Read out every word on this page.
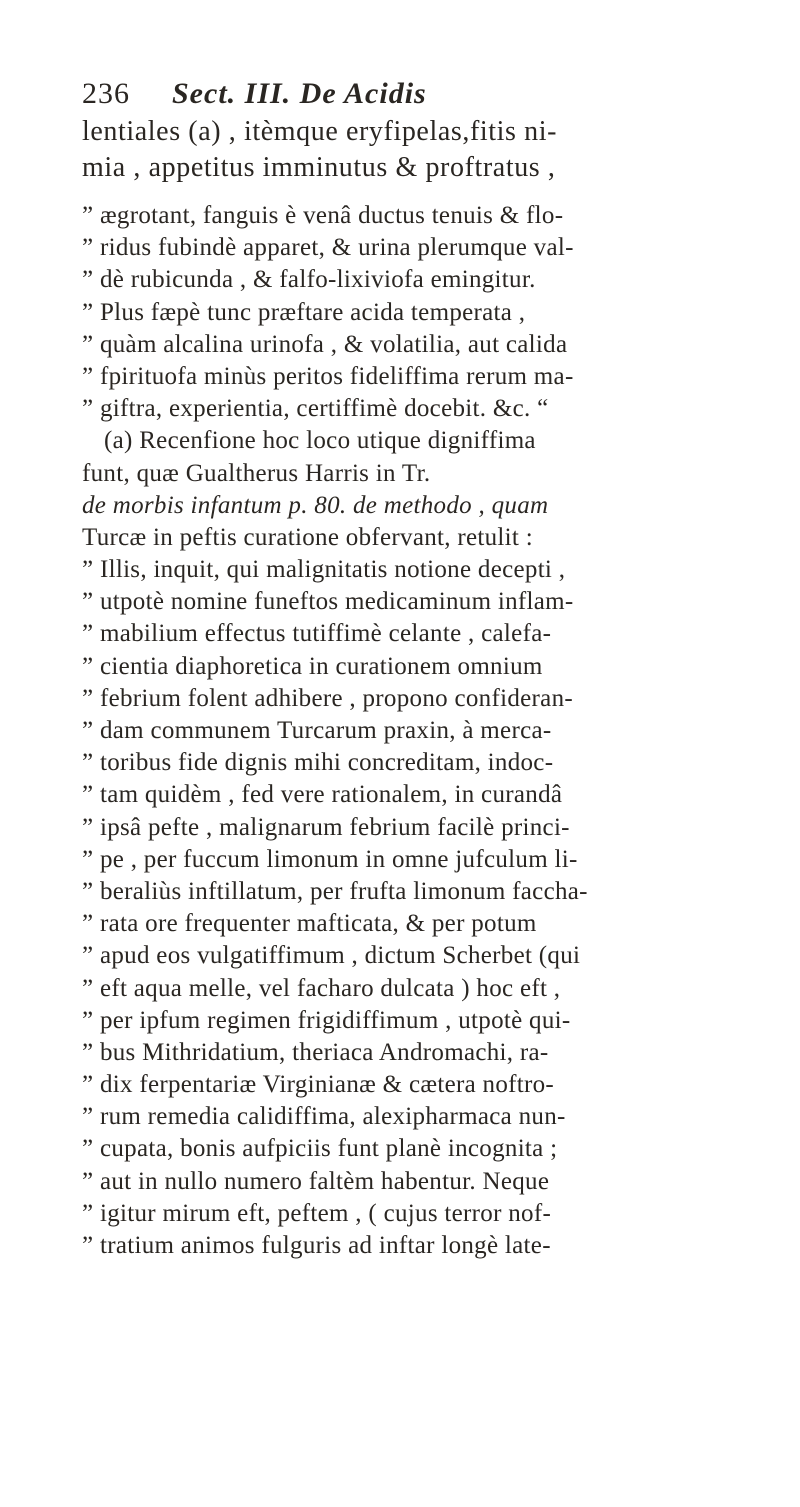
236 Sect. III. De Acidis
lentiales (a) , itèmque eryfipelas,fitis ni-
mia , appetitus imminutus & proftratus ,
” ægrotant, fanguis è venâ ductus tenuis & flo-
” ridus fubindè apparet, & urina plerumque val-
” dè rubicunda , & falfo-lixiviofa emingitur.
” Plus fæpè tunc præftare acida temperata ,
” quàm alcalina urinofa , & volatilia, aut calida
” fpirituofa minùs peritos fideliffima rerum ma-
” giftra, experientia, certiffimè docebit. &c. “
(a) Recenfione hoc loco utique digniffima
funt, quæ Gualtherus Harris in Tr.
de morbis infantum p. 80. de methodo , quam
Turcæ in peftis curatione obfervant, retulit :
” Illis, inquit, qui malignitatis notione decepti ,
” utpotè nomine funeftos medicaminum inflam-
” mabilium effectus tutiffimè celante , calefa-
” cientia diaphoretica in curationem omnium
” febrium folent adhibere , propono confideran-
” dam communem Turcarum praxin, à merca-
” toribus fide dignis mihi concreditam, indoc-
” tam quidèm , fed vere rationalem, in curandâ
” ipsâ pefte , malignarum febrium facilè princi-
” pe , per fuccum limonum in omne jufculum li-
” beraliùs inftillatum, per frufta limonum faccha-
” rata ore frequenter mafticata, & per potum
” apud eos vulgatiffimum , dictum Scherbet (qui
” eft aqua melle, vel facharo dulcata ) hoc eft ,
” per ipfum regimen frigidiffimum , utpotè qui-
” bus Mithridatium, theriaca Andromachi, ra-
” dix ferpentariæ Virginianæ & cætera noftro-
” rum remedia calidiffima, alexipharmaca nun-
” cupata, bonis aufpiciis funt planè incognita ;
” aut in nullo numero faltèm habentur. Neque
” igitur mirum eft, peftem , ( cujus terror nof-
” tratium animos fulguris ad inftar longè late-
